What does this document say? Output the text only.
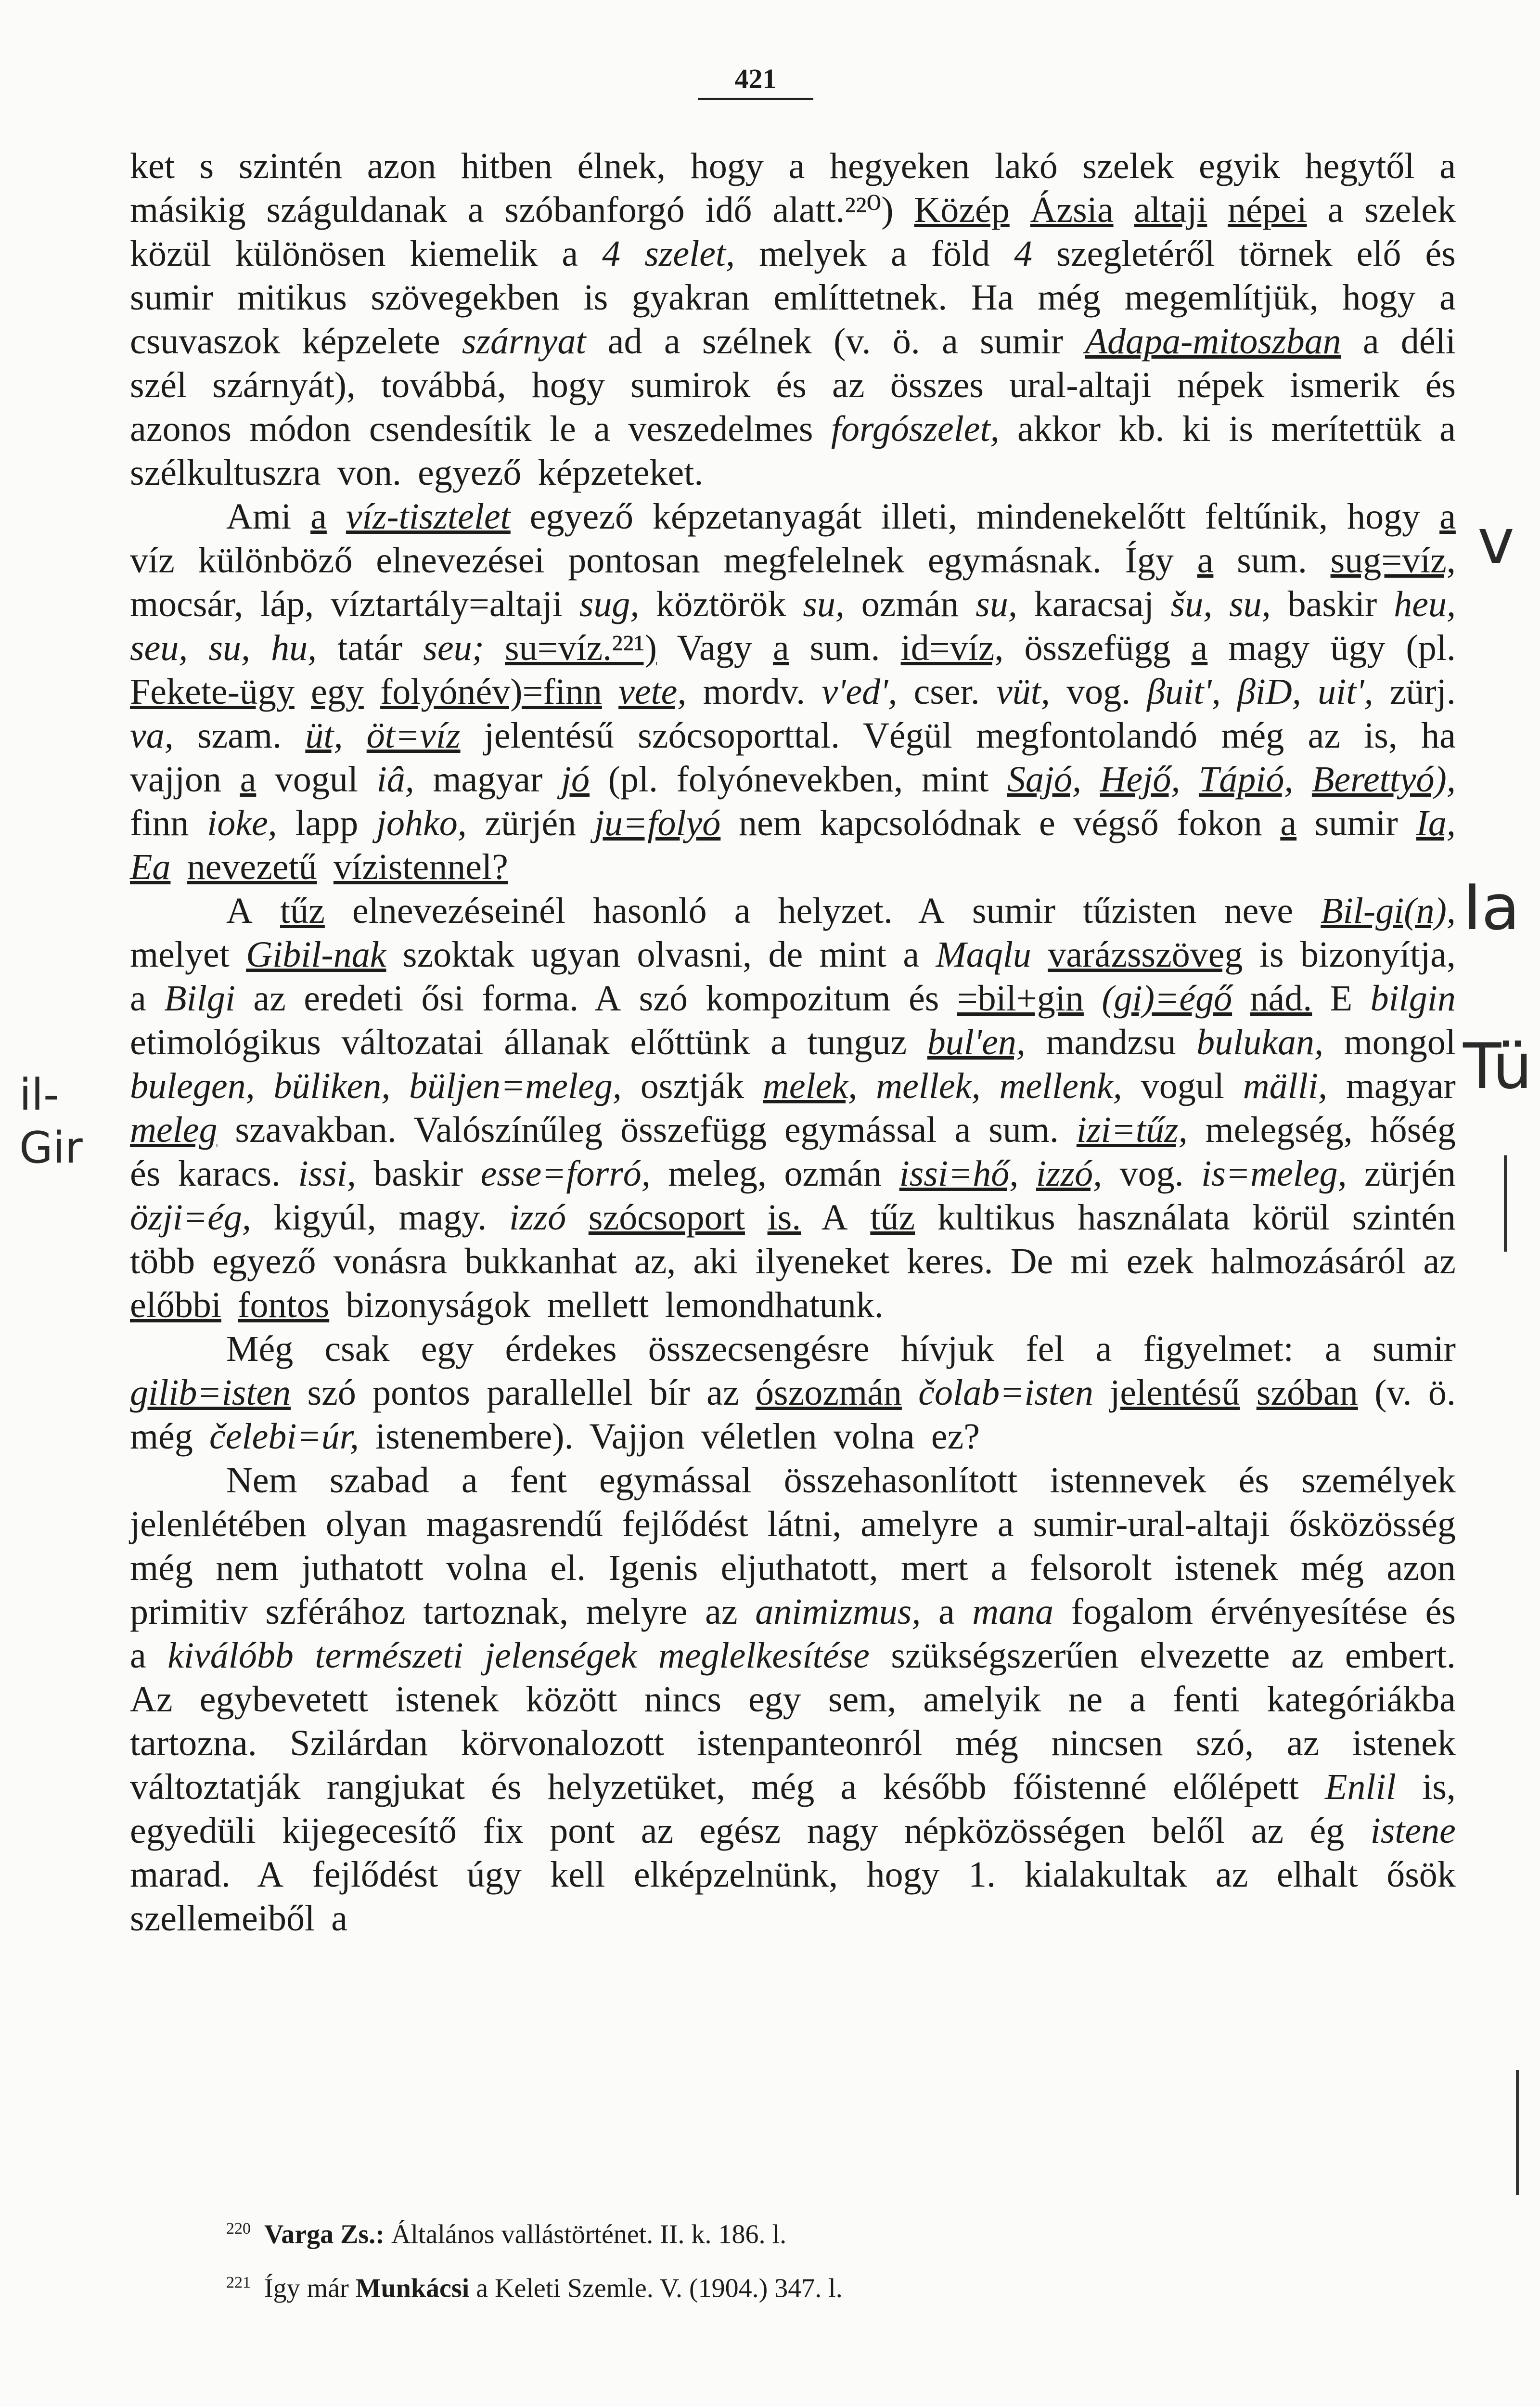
421

ket s szintén azon hitben élnek, hogy a hegyeken lakó szelek egyik hegytől a másikig száguldanak a szóbanforgó idő alatt.²²⁰) Közép Ázsia altaji népei a szelek közül különösen kiemelik a 4 szelet, melyek a föld 4 szegletéről törnek elő és sumir mitikus szövegekben is gyakran említtetnek. Ha még megemlítjük, hogy a csuvaszok képzelete szárnyat ad a szélnek (v. ö. a sumir Adapa-mitoszban a déli szél szárnyát), továbbá, hogy sumirok és az összes ural-altaji népek ismerik és azonos módon csendesítik le a veszedelmes forgószelet, akkor kb. ki is merítettük a szélkultuszra von. egyező képzeteket.

Ami a víz-tisztelet egyező képzetanyagát illeti, mindenekelőtt feltűnik, hogy a víz különböző elnevezései pontosan megfelelnek egymásnak. Így a sum. sug=víz, mocsár, láp, víztartály=altaji sug, köztörök su, ozmán su, karacsaj šu, su, baskir heu, seu, su, hu, tatár seu; su=víz.²²¹) Vagy a sum. id=víz, összefügg a magy ügy (pl. Fekete-ügy egy folyónév)=finn vete, mordv. v'ed', cser. vüt, vog. βuit', βiD, uit', zürj. va, szam. üt, öt=víz jelentésű szócsoporttal. Végül megfontolandó még az is, ha vajjon a vogul iâ, magyar jó (pl. folyónevekben, mint Sajó, Hejő, Tápió, Berettyó), finn ioke, lapp johko, zürjén ju=folyó nem kapcsolódnak e végső fokon a sumir Ia, Ea nevezetű vízistennel?

A tűz elnevezéseinél hasonló a helyzet. A sumir tűzisten neve Bil-gi(n), melyet Gibil-nak szoktak ugyan olvasni, de mint a Maqlu varázsszöveg is bizonyítja, a Bilgi az eredeti ősi forma. A szó kompozitum és =bil+gin (gi)=égő nád. E bilgin etimológikus változatai állanak előttünk a tunguz bul'en, mandzsu bulukan, mongol bulegen, büliken, büljen=meleg, osztják melek, mellek, mellenk, vogul mälli, magyar meleg szavakban. Valószínűleg összefügg egymással a sum. izi=tűz, melegség, hőség és karacs. issi, baskir esse=forró, meleg, ozmán issi=hő, izzó, vog. is=meleg, zürjén özji=ég, kigyúl, magy. izzó szócsoport is. A tűz kultikus használata körül szintén több egyező vonásra bukkanhat az, aki ilyeneket keres. De mi ezek halmozásáról az előbbi fontos bizonyságok mellett lemondhatunk.

Még csak egy érdekes összecsengésre hívjuk fel a figyelmet: a sumir gilib=isten szó pontos parallellel bír az ószozmán čolab=isten jelentésű szóban (v. ö. még čelebi=úr, istenembere). Vajjon véletlen volna ez?

Nem szabad a fent egymással összehasonlított istennevek és személyek jelenlétében olyan magasrendű fejlődést látni, amelyre a sumir-ural-altaji ősközösség még nem juthatott volna el. Igenis eljuthatott, mert a felsorolt istenek még azon primitiv szférához tartoznak, melyre az animizmus, a mana fogalom érvényesítése és a kiválóbb természeti jelenségek meglelkesítése szükségszerűen elvezette az embert. Az egybevetett istenek között nincs egy sem, amelyik ne a fenti kategóriákba tartozna. Szilárdan körvonalozott istenpanteonról még nincsen szó, az istenek változtatják rangjukat és helyzetüket, még a később főistenné előlépett Enlil is, egyedüli kijegecesítő fix pont az egész nagy népközösségen belől az ég istene marad. A fejlődést úgy kell elképzelnünk, hogy 1. kialakultak az elhalt ősök szellemeiből a

$^{220}$ Varga Zs.: Általános vallástörténet. II. k. 186. l.
$^{221}$ Így már Munkácsi a Keleti Szemle. V. (1904.) 347. l.
v
Ia
Tü
il-
Gir
